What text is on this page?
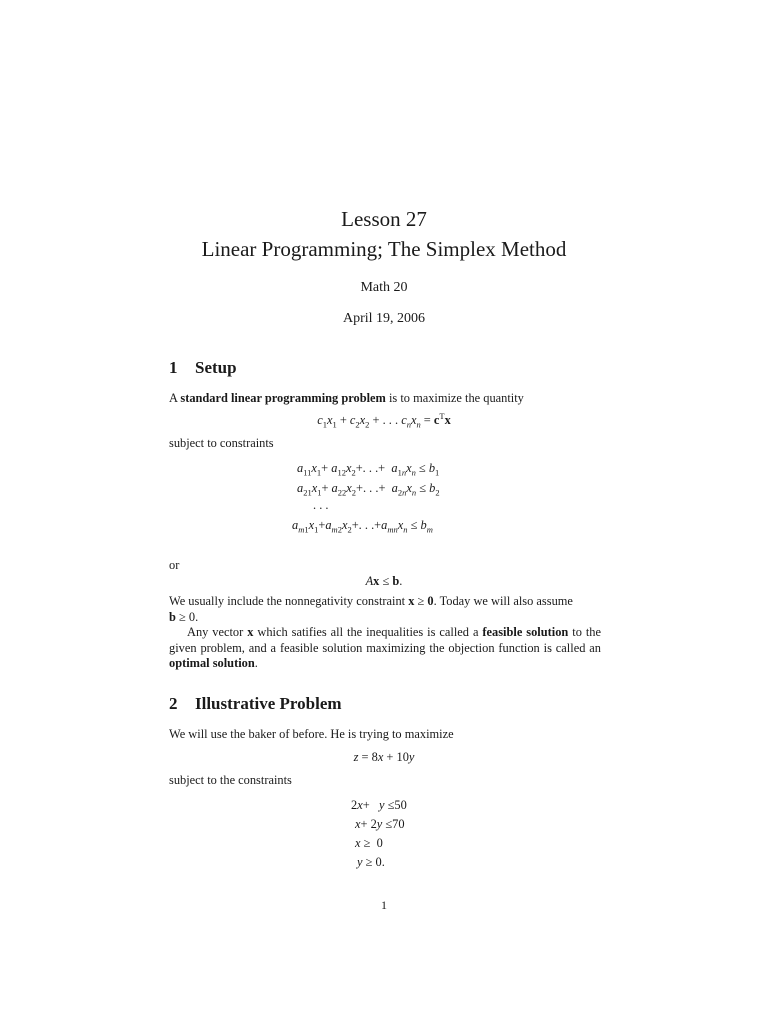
Lesson 27
Linear Programming; The Simplex Method
Math 20
April 19, 2006
1 Setup
A standard linear programming problem is to maximize the quantity
$c_1x_1 + c_2x_2$ + . . . $c_nx_n = c^Tx$
subject to constraints
$a_{11}x_1+ a_{12}x_2+$. . .+  $a_{1n}x_n \le b_1$
$a_{21}x_1+ a_{22}x_2+$. . .+  $a_{2n}x_n \le b_2$
. . .
$a_{m1}x_1+a_{m2}x_2+$. . $.+a_{mn}x_n \le b_m$
or
Ax ≤ b.
We usually include the nonnegativity constraint x ≥ 0. Today we will also assume
b ≥ 0.
Any vector x which satifies all the inequalities is called a feasible solution to the given problem, and a feasible solution maximizing the objection function is called an optimal solution.
2 Illustrative Problem
We will use the baker of before. He is trying to maximize
z = 8x + 10y
subject to the constraints
2x+   y ≤50
x+ 2y ≤70
x ≥  0
y ≥ 0.
1
